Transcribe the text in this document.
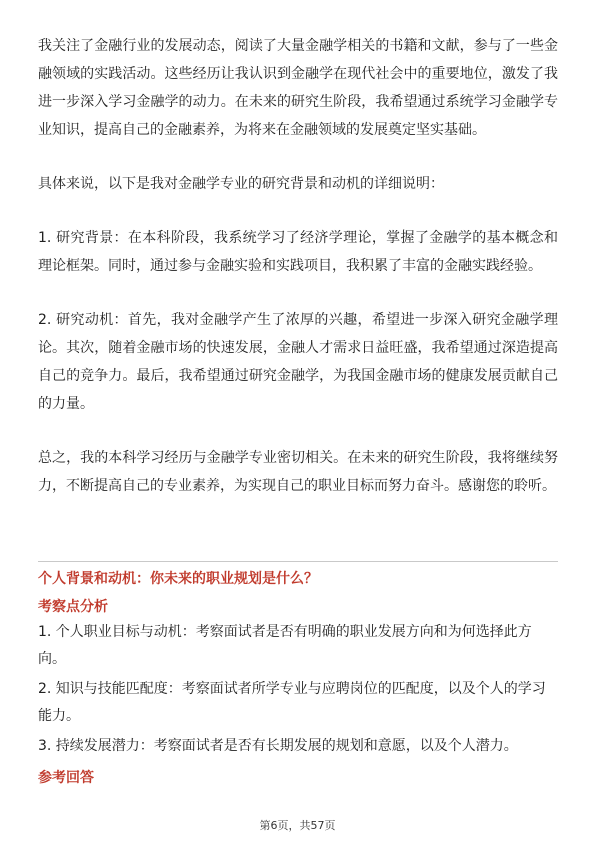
我关注了金融行业的发展动态，阅读了大量金融学相关的书籍和文献，参与了一些金融领域的实践活动。这些经历让我认识到金融学在现代社会中的重要地位，激发了我进一步深入学习金融学的动力。在未来的研究生阶段，我希望通过系统学习金融学专业知识，提高自己的金融素养，为将来在金融领域的发展奠定坚实基础。

具体来说，以下是我对金融学专业的研究背景和动机的详细说明：

1. 研究背景：在本科阶段，我系统学习了经济学理论，掌握了金融学的基本概念和理论框架。同时，通过参与金融实验和实践项目，我积累了丰富的金融实践经验。

2. 研究动机：首先，我对金融学产生了浓厚的兴趣，希望进一步深入研究金融学理论。其次，随着金融市场的快速发展，金融人才需求日益旺盛，我希望通过深造提高自己的竞争力。最后，我希望通过研究金融学，为我国金融市场的健康发展贡献自己的力量。

总之，我的本科学习经历与金融学专业密切相关。在未来的研究生阶段，我将继续努力，不断提高自己的专业素养，为实现自己的职业目标而努力奋斗。感谢您的聆听。

个人背景和动机：你未来的职业规划是什么？
考察点分析
1. 个人职业目标与动机：考察面试者是否有明确的职业发展方向和为何选择此方向。
2. 知识与技能匹配度：考察面试者所学专业与应聘岗位的匹配度，以及个人的学习能力。
3. 持续发展潜力：考察面试者是否有长期发展的规划和意愿，以及个人潜力。
参考回答
第6页，共57页
